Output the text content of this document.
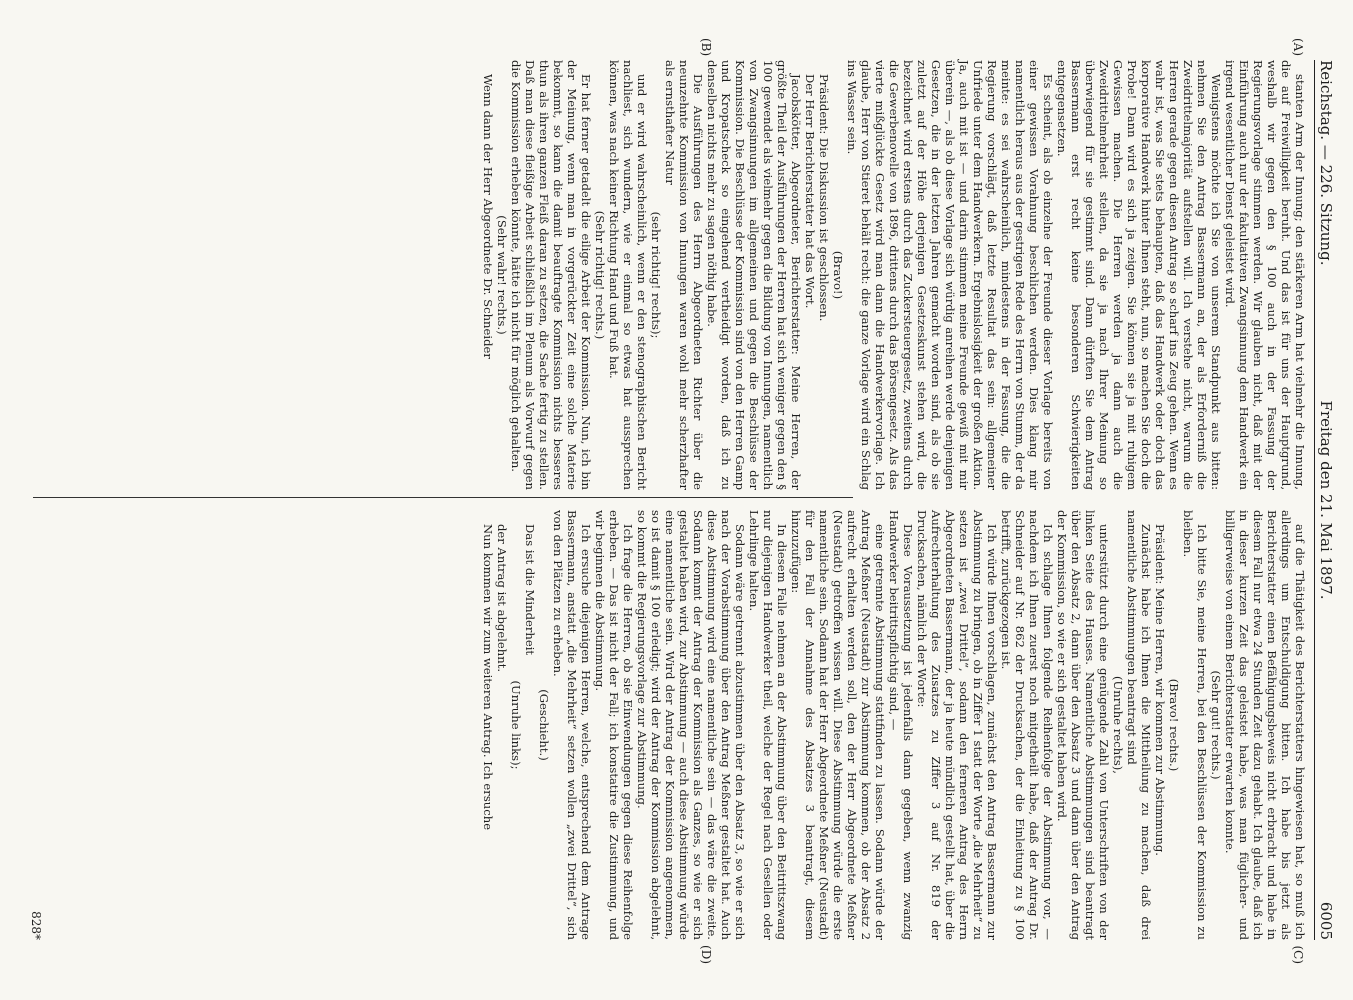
Reichstag. — 226. Sitzung.
Freitag den 21. Mai 1897.
6005
(A)
(B)
(C)
(D)

stanten Arm der Innung; den stärkeren Arm hat vielmehr die Innung, die auf Freiwilligkeit beruht. Und das ist für uns der Hauptgrund, weshalb wir gegen den § 100 auch in der Fassung der Regierungsvorlage stimmen werden. Wir glauben nicht, daß mit der Einführung auch nur der fakultativen Zwangsinnung dem Handwerk ein irgend wesentlicher Dienst geleistet wird.

Wenigstens möchte ich Sie von unserem Standpunkt aus bitten: nehmen Sie den Antrag Bassermann an, der als Erforderniß die Zweidrittelmajorität aufstellen will. Ich verstehe nicht, warum die Herren gerade gegen diesen Antrag so scharf ins Zeug gehen. Wenn es wahr ist, was Sie stets behaupten, daß das Handwerk oder doch das korporative Handwerk hinter Ihnen steht, nun, so machen Sie doch die Probe! Dann wird es sich ja zeigen. Sie können sie ja mit ruhigem Gewissen machen. Die Herren werden ja dann auch die Zweidrittelmehrheit stellen, da sie ja nach Ihrer Meinung so überwiegend für sie gestimmt sind. Dann dürften Sie dem Antrag Bassermann erst recht keine besonderen Schwierigkeiten entgegensetzen.

Es scheint, als ob einzelne der Freunde dieser Vorlage bereits von einer gewissen Vorahnung beschlichen werden. Dies klang mir namentlich heraus aus der gestrigen Rede des Herrn von Stumm, der da meinte: es sei wahrscheinlich, mindestens in der Fassung, die die Regierung vorschlägt, daß letzte Resultat das sein: allgemeiner Unfriede unter dem Handwerkern. Ergebnislosigkeit der großen Aktion. Ja, auch mit ist — und darin stimmen meine Freunde gewiß mit mir überein —, als ob diese Vorlage sich würdig anreihen werde denjenigen Gesetzen, die in der letzten Jahren gemacht worden sind, als ob sie zuletzt auf der Höhe derjenigen Gesetzeskunst stehen wird, die bezeichnet wird erstens durch das Zuckersteuergesetz, zweitens durch die Gewerbenovelle von 1896, drittens durch das Börsengesetz. Als das vierte mißglückte Gesetz wird man dann die Handwerkervorlage. Ich glaube, Herr von Stieret behält recht: die ganze Vorlage wird ein Schlag ins Wasser sein.

(Bravo!)

Präsident: Die Diskussion ist geschlossen.

Der Herr Berichterstatter hat das Wort.

Jacobskötter, Abgeordneter, Berichterstatter: Meine Herren, der größte Theil der Ausführungen der Herren hat sich weniger gegen den § 100 gewendet als vielmehr gegen die Bildung von Innungen, namentlich von Zwangsinnungen im allgemeinen und gegen die Beschlüsse der Kommission. Die Beschlüsse der Kommission sind von den Herren Gamp und Kropatscheck so eingehend vertheidigt worden, daß ich zu denselben nichts mehr zu sagen nöthig habe.

Die Ausführungen des Herrn Abgeordneten Richter über die neunzehnte Kommission von Innungen waren wohl mehr scherzhafter als ernsthafter Natur

(sehr richtig! rechts);

und er wird wahrscheinlich, wenn er den stenographischen Bericht nachliest, sich wundern, wie er einmal so etwas hat aussprechen können, was nach keiner Richtung Hand und Fuß hat.

(Sehr richtig! rechts.)

Er hat ferner getadelt die eilige Arbeit der Kommission. Nun, ich bin der Meinung, wenn man in vorgerückter Zeit eine solche Materie bekommt, so kann die damit beauftragte Kommission nichts besseres thun als ihren ganzen Fleiß daran zu setzen, die Sache fertig zu stellen. Daß man diese fleißige Arbeit schließlich im Plenum als Vorwurf gegen die Kommission erheben könnte, hätte ich nicht für möglich gehalten.

(Sehr wahr! rechts.)

Wenn dann der Herr Abgeordnete Dr. Schneider

auf die Thätigkeit des Berichterstatters hingewiesen hat, so muß ich allerdings um Entschuldigung bitten. Ich habe bis jetzt als Berichterstatter einen Befähigungsbeweis nicht erbracht und habe in diesem Fall nur etwa 24 Stunden Zeit dazu gehabt. Ich glaube, daß ich in dieser kurzen Zeit das geleistet habe, was man füglicher- und billigerweise von einem Berichterstatter erwarten konnte.

(Sehr gut! rechts.)

Ich bitte Sie, meine Herren, bei den Beschlüssen der Kommission zu bleiben.

(Bravo! rechts.)

Präsident: Meine Herren, wir kommen zur Abstimmung.

Zunächst habe ich Ihnen die Mittheilung zu machen, daß drei namentliche Abstimmungen beantragt sind

(Unruhe rechts),

unterstützt durch eine genügende Zahl von Unterschriften von der linken Seite des Hauses. Namentliche Abstimmungen sind beantragt über den Absatz 2, dann über den Absatz 3 und dann über den Antrag der Kommission, so wie er sich gestaltet haben wird.

Ich schlage Ihnen folgende Reihenfolge der Abstimmung vor, — nachdem ich Ihnen zuerst noch mitgetheilt habe, daß der Antrag Dr. Schneider auf Nr. 862 der Drucksachen, der die Einleitung zu § 100 betrifft, zurückgezogen ist.

Ich würde Ihnen vorschlagen, zunächst den Antrag Bassermann zur Abstimmung zu bringen, ob in Ziffer 1 statt der Worte „die Mehrheit“ zu setzen ist „zwei Drittel“, sodann den ferneren Antrag des Herrn Abgeordneten Bassermann, der ja heute mündlich gestellt hat, über die Aufrechterhaltung des Zusatzes zu Ziffer 3 auf Nr. 819 der Drucksachen, nämlich der Worte:

Diese Voraussetzung ist jedenfalls dann gegeben, wenn zwanzig Handwerker beitrittspflichtig sind, —

eine getrennte Abstimmung stattfinden zu lassen. Sodann würde der Antrag Meßner (Neustadt) zur Abstimmung kommen, ob der Absatz 2 aufrecht erhalten werden soll, den der Herr Abgeordnete Meßner (Neustadt) getroffen wissen will. Diese Abstimmung würde die erste namentliche sein. Sodann hat der Herr Abgeordnete Meßner (Neustadt) für den Fall der Annahme des Absatzes 3 beantragt, diesem hinzuzufügen:

In diesem Falle nehmen an der Abstimmung über den Beitrittszwang nur diejenigen Handwerker theil, welche der Regel nach Gesellen oder Lehrlinge halten.

Sodann wäre getrennt abzustimmen über den Absatz 3, so wie er sich nach der Vorabstimmung über den Antrag Meßner gestaltet hat. Auch diese Abstimmung wird eine namentliche sein — das wäre die zweite. Sodann kommt der Antrag der Kommission als Ganzes, so wie er sich gestaltet haben wird, zur Abstimmung — auch diese Abstimmung würde eine namentliche sein. Wird der Antrag der Kommission angenommen, so ist damit § 100 erledigt; wird der Antrag der Kommission abgelehnt, so kommt die Regierungsvorlage zur Abstimmung.

Ich frage die Herren, ob sie Einwendungen gegen diese Reihenfolge erheben. — Das ist nicht der Fall; ich konstatire die Zustimmung, und wir beginnen die Abstimmung.

Ich ersuche diejenigen Herren, welche, entsprechend dem Antrage Bassermann, anstatt „die Mehrheit“ setzen wollen „zwei Drittel“, sich von den Plätzen zu erheben.

(Geschieht.)

Das ist die Minderheit

(Unruhe links);

der Antrag ist abgelehnt.

Nun kommen wir zum weiteren Antrag. Ich ersuche

828*
